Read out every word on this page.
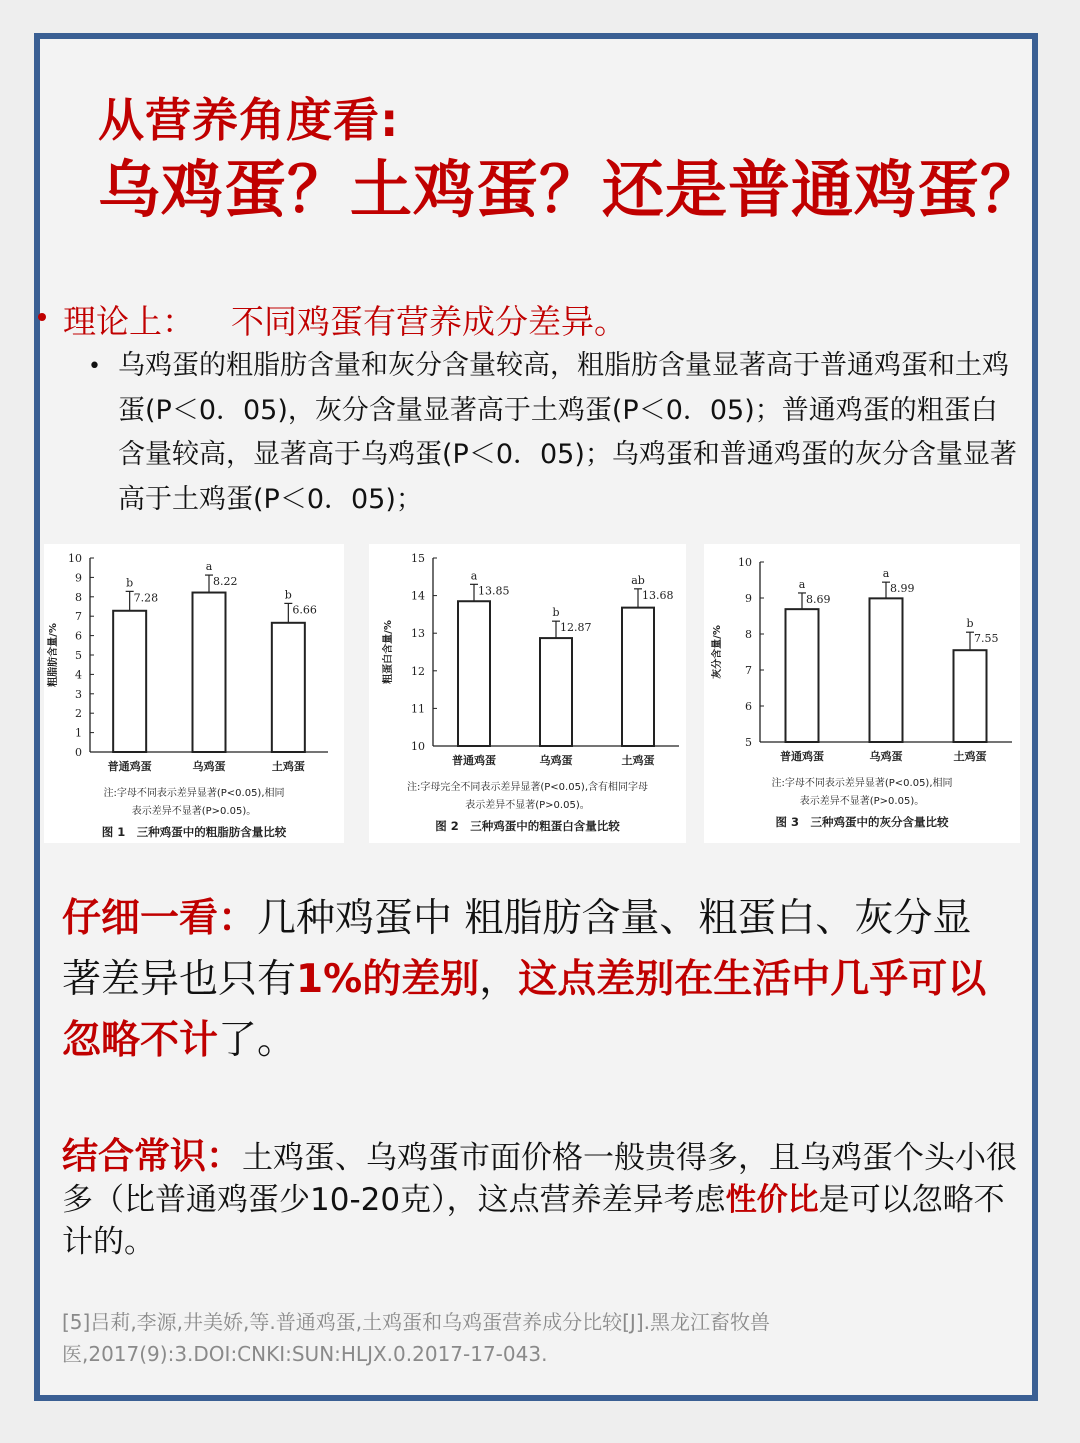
从营养角度看:
乌鸡蛋？土鸡蛋？还是普通鸡蛋？
理论上： 不同鸡蛋有营养成分差异。
• 乌鸡蛋的粗脂肪含量和灰分含量较高，粗脂肪含量显著高于普通鸡蛋和土鸡蛋(P＜0．05)，灰分含量显著高于土鸡蛋(P＜0．05)；普通鸡蛋的粗蛋白含量较高，显著高于乌鸡蛋(P＜0．05)；乌鸡蛋和普通鸡蛋的灰分含量显著高于土鸡蛋(P＜0．05)；
0
1
2
3
4
5
6
7
8
9
10
粗脂肪含量/%
b
7.28
普通鸡蛋
a
8.22
乌鸡蛋
b
6.66
土鸡蛋
注:字母不同表示差异显著(P<0.05),相同
表示差异不显著(P>0.05)。
图 1　三种鸡蛋中的粗脂肪含量比较
10
11
12
13
14
15
粗蛋白含量/%
a
13.85
普通鸡蛋
b
12.87
乌鸡蛋
ab
13.68
土鸡蛋
注:字母完全不同表示差异显著(P<0.05),含有相同字母
表示差异不显著(P>0.05)。
图 2　三种鸡蛋中的粗蛋白含量比较
5
6
7
8
9
10
灰分含量/%
a
8.69
普通鸡蛋
a
8.99
乌鸡蛋
b
7.55
土鸡蛋
注:字母不同表示差异显著(P<0.05),相同
表示差异不显著(P>0.05)。
图 3　三种鸡蛋中的灰分含量比较
仔细一看：几种鸡蛋中 粗脂肪含量、粗蛋白、灰分显著差异也只有1%的差别，这点差别在生活中几乎可以忽略不计了。
结合常识：土鸡蛋、乌鸡蛋市面价格一般贵得多，且乌鸡蛋个头小很多（比普通鸡蛋少10-20克），这点营养差异考虑性价比是可以忽略不计的。
[5]吕莉,李源,井美娇,等.普通鸡蛋,土鸡蛋和乌鸡蛋营养成分比较[J].黑龙江畜牧兽医,2017(9):3.DOI:CNKI:SUN:HLJX.0.2017-17-043.
